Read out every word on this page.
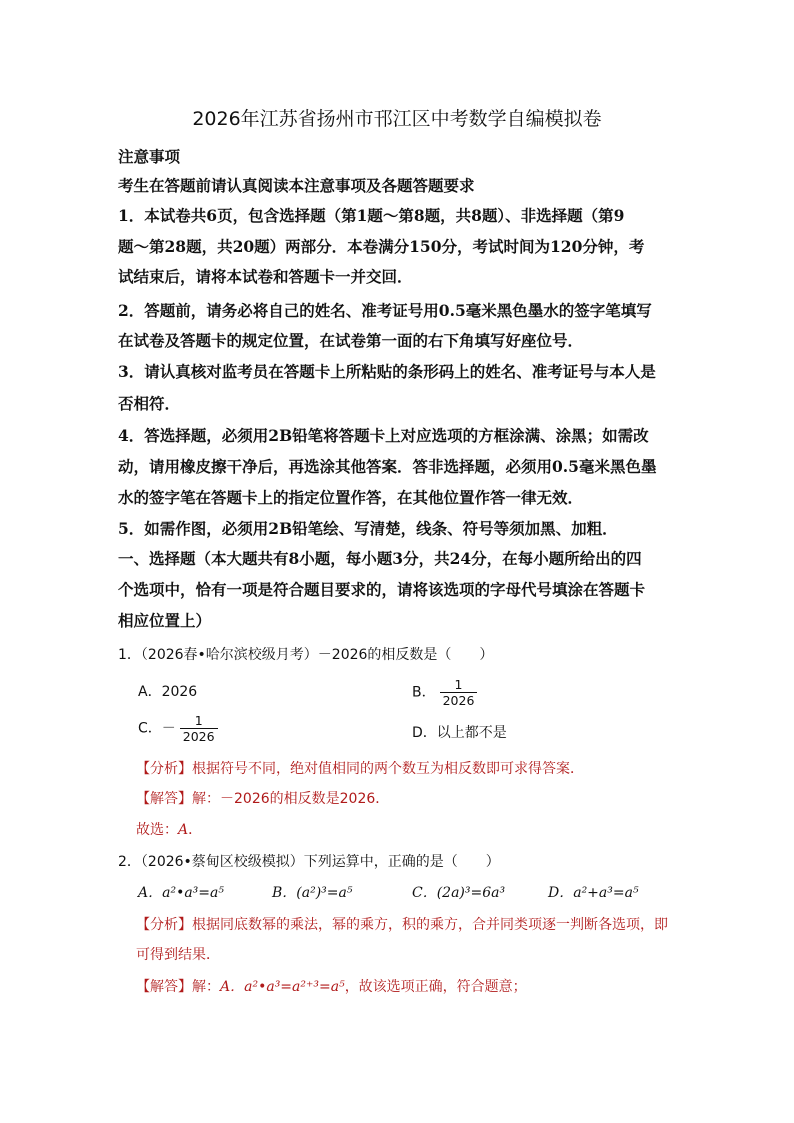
2026年江苏省扬州市邗江区中考数学自编模拟卷
注意事项
考生在答题前请认真阅读本注意事项及各题答题要求
1．本试卷共6页，包含选择题（第1题～第8题，共8题）、非选择题（第9
题～第28题，共20题）两部分．本卷满分150分，考试时间为120分钟，考
试结束后，请将本试卷和答题卡一并交回．
2．答题前，请务必将自己的姓名、准考证号用0.5毫米黑色墨水的签字笔填写
在试卷及答题卡的规定位置，在试卷第一面的右下角填写好座位号．
3．请认真核对监考员在答题卡上所粘贴的条形码上的姓名、准考证号与本人是
否相符．
4．答选择题，必须用2B铅笔将答题卡上对应选项的方框涂满、涂黑；如需改
动，请用橡皮擦干净后，再选涂其他答案．答非选择题，必须用0.5毫米黑色墨
水的签字笔在答题卡上的指定位置作答，在其他位置作答一律无效．
5．如需作图，必须用2B铅笔绘、写清楚，线条、符号等须加黑、加粗．
一、选择题（本大题共有8小题，每小题3分，共24分，在每小题所给出的四
个选项中，恰有一项是符合题目要求的，请将该选项的字母代号填涂在答题卡
相应位置上）
1．（2026春•哈尔滨校级月考）－2026的相反数是（　　）
A．2026	B． $\frac{1}{2026}$
C．－ $\frac{1}{2026}$	D．以上都不是
【分析】根据符号不同，绝对值相同的两个数互为相反数即可求得答案．
【解答】解：－2026的相反数是2026．
故选：A．
2．（2026•蔡甸区校级模拟）下列运算中，正确的是（　　）
A．a²•a³=a⁵	B．(a²)³=a⁵	C．(2a)³=6a³	D．a²+a³=a⁵
【分析】根据同底数幂的乘法，幂的乘方，积的乘方，合并同类项逐一判断各选项，即
可得到结果．
【解答】解：A．a²•a³=a²⁺³=a⁵，故该选项正确，符合题意；
